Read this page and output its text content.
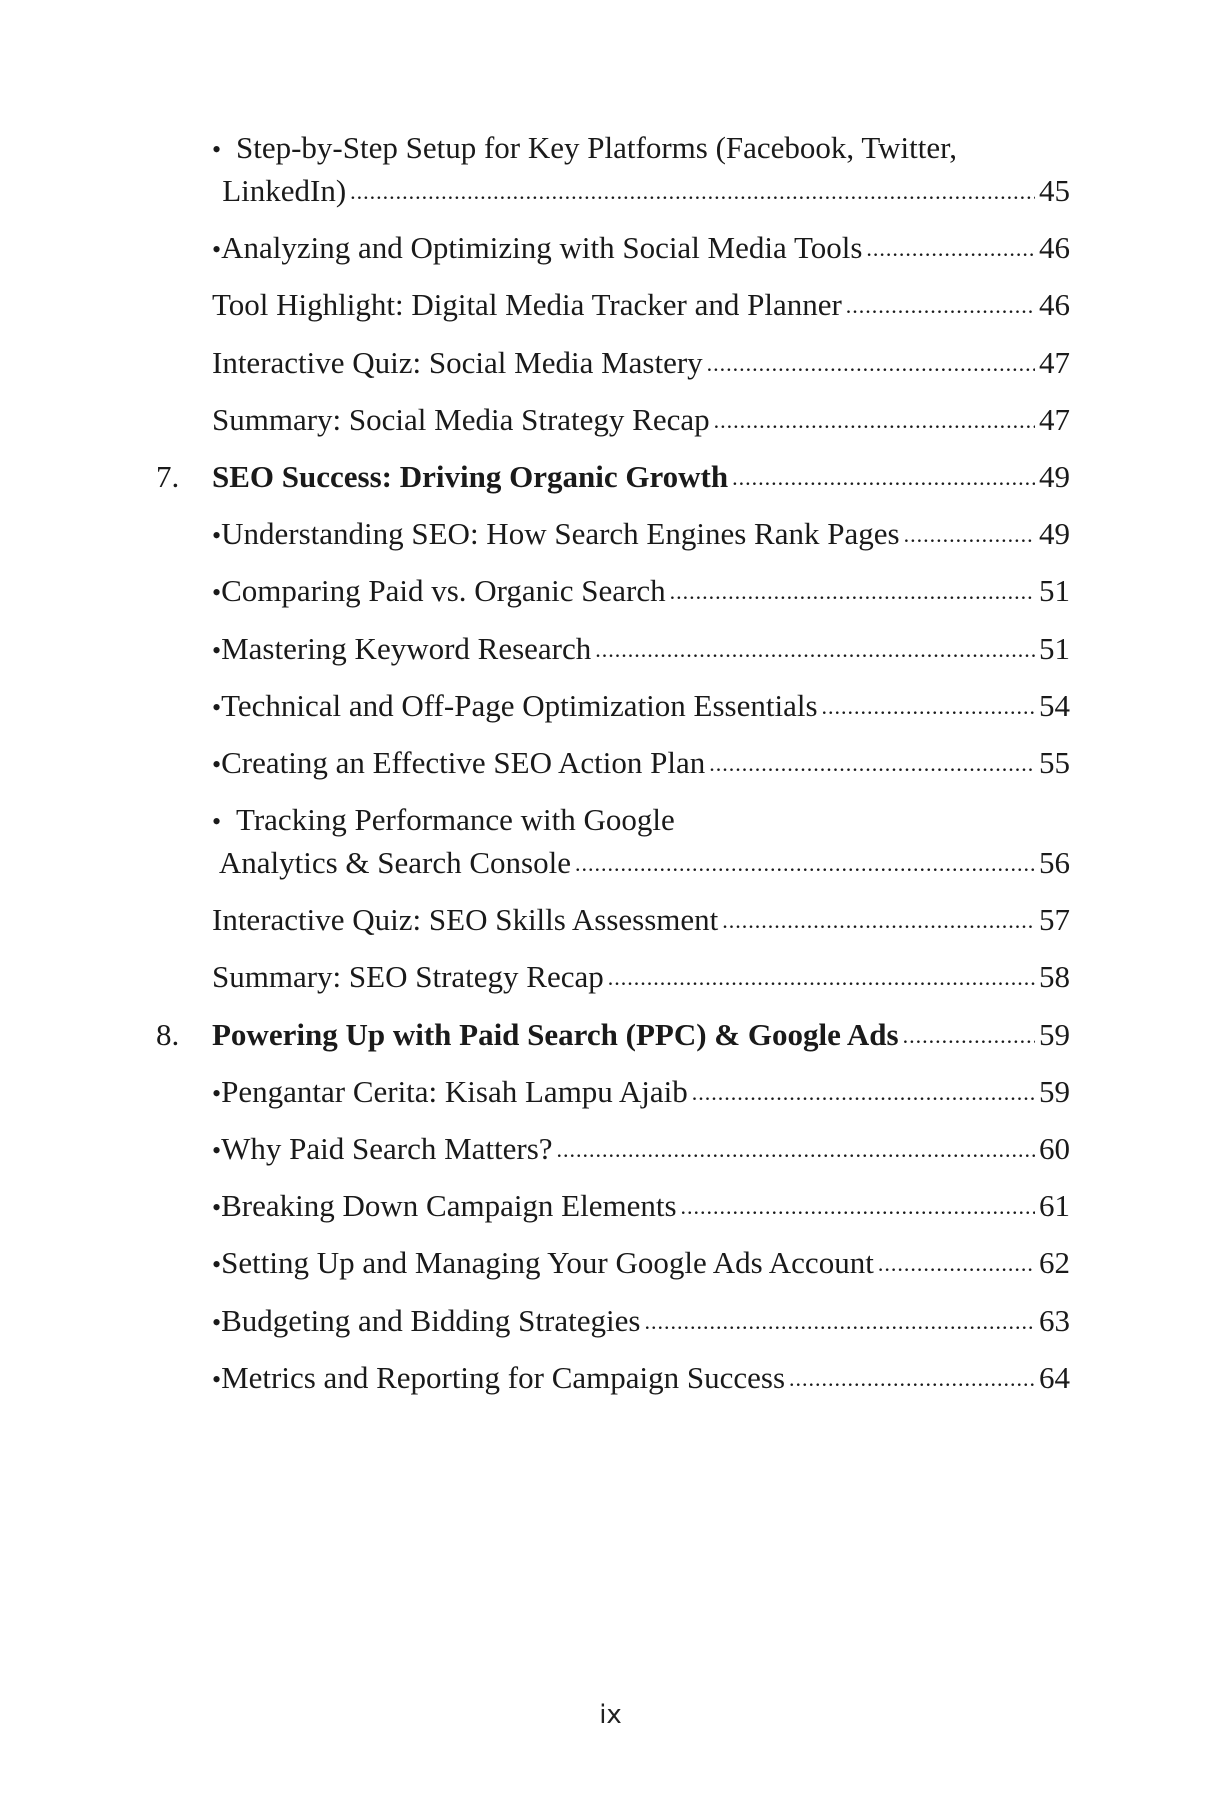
• Step-by-Step Setup for Key Platforms (Facebook, Twitter,
LinkedIn) .....	45
• Analyzing and Optimizing with Social Media Tools .....	46
Tool Highlight: Digital Media Tracker and Planner .....	46
Interactive Quiz: Social Media Mastery .....	47
Summary: Social Media Strategy Recap .....	47
7. SEO Success: Driving Organic Growth .....	49
• Understanding SEO: How Search Engines Rank Pages .....	49
• Comparing Paid vs. Organic Search .....	51
• Mastering Keyword Research .....	51
• Technical and Off-Page Optimization Essentials .....	54
• Creating an Effective SEO Action Plan .....	55
• Tracking Performance with Google
Analytics & Search Console .....	56
Interactive Quiz: SEO Skills Assessment .....	57
Summary: SEO Strategy Recap .....	58
8. Powering Up with Paid Search (PPC) & Google Ads .....	59
• Pengantar Cerita: Kisah Lampu Ajaib .....	59
• Why Paid Search Matters? .....	60
• Breaking Down Campaign Elements .....	61
• Setting Up and Managing Your Google Ads Account .....	62
• Budgeting and Bidding Strategies .....	63
• Metrics and Reporting for Campaign Success .....	64
ix
